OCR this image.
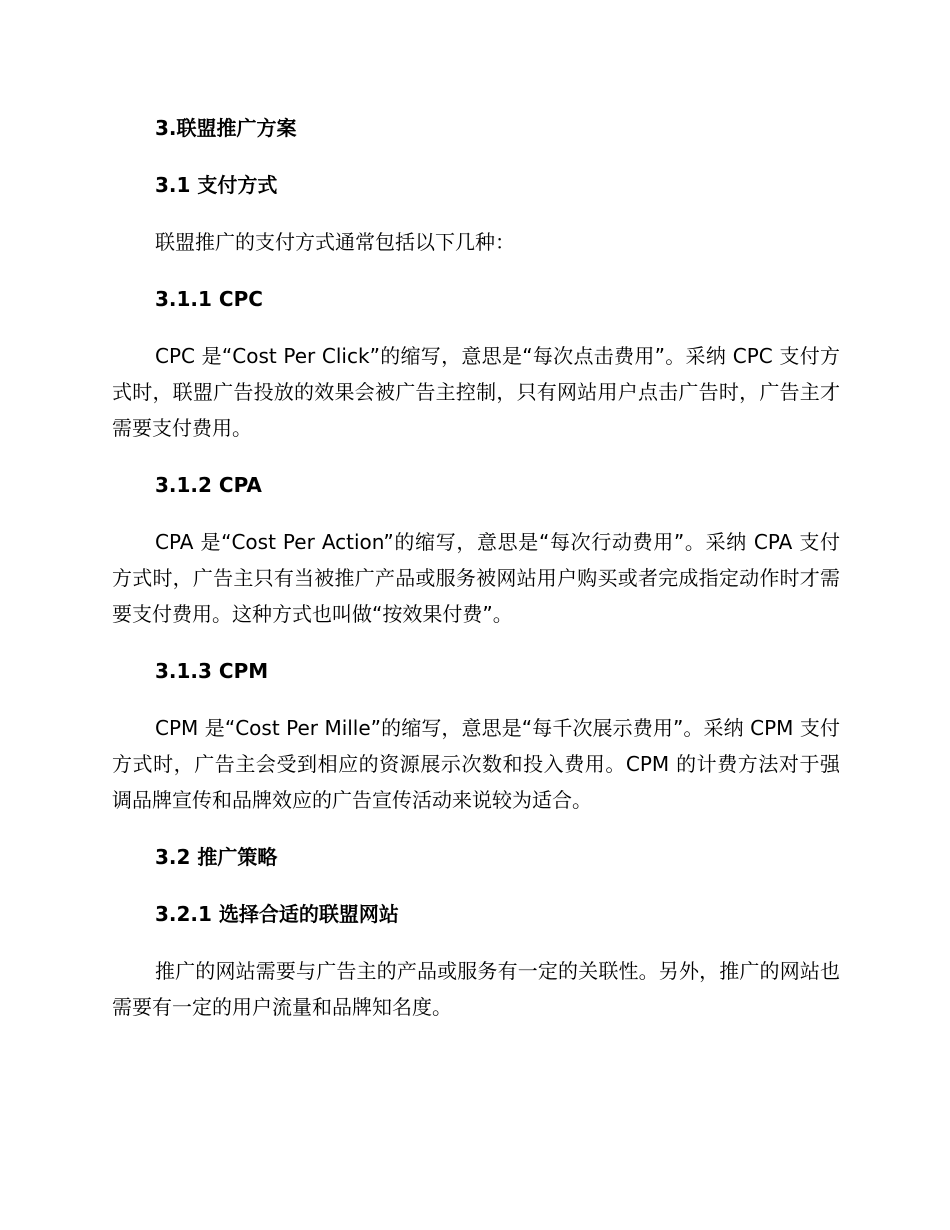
3.联盟推广方案
3.1 支付方式
联盟推广的支付方式通常包括以下几种：
3.1.1 CPC
CPC 是“Cost Per Click”的缩写，意思是“每次点击费用”。采纳 CPC 支付方式时，联盟广告投放的效果会被广告主控制，只有网站用户点击广告时，广告主才需要支付费用。
3.1.2 CPA
CPA 是“Cost Per Action”的缩写，意思是“每次行动费用”。采纳 CPA 支付方式时，广告主只有当被推广产品或服务被网站用户购买或者完成指定动作时才需要支付费用。这种方式也叫做“按效果付费”。
3.1.3 CPM
CPM 是“Cost Per Mille”的缩写，意思是“每千次展示费用”。采纳 CPM 支付方式时，广告主会受到相应的资源展示次数和投入费用。CPM 的计费方法对于强调品牌宣传和品牌效应的广告宣传活动来说较为适合。
3.2 推广策略
3.2.1 选择合适的联盟网站
推广的网站需要与广告主的产品或服务有一定的关联性。另外，推广的网站也需要有一定的用户流量和品牌知名度。
